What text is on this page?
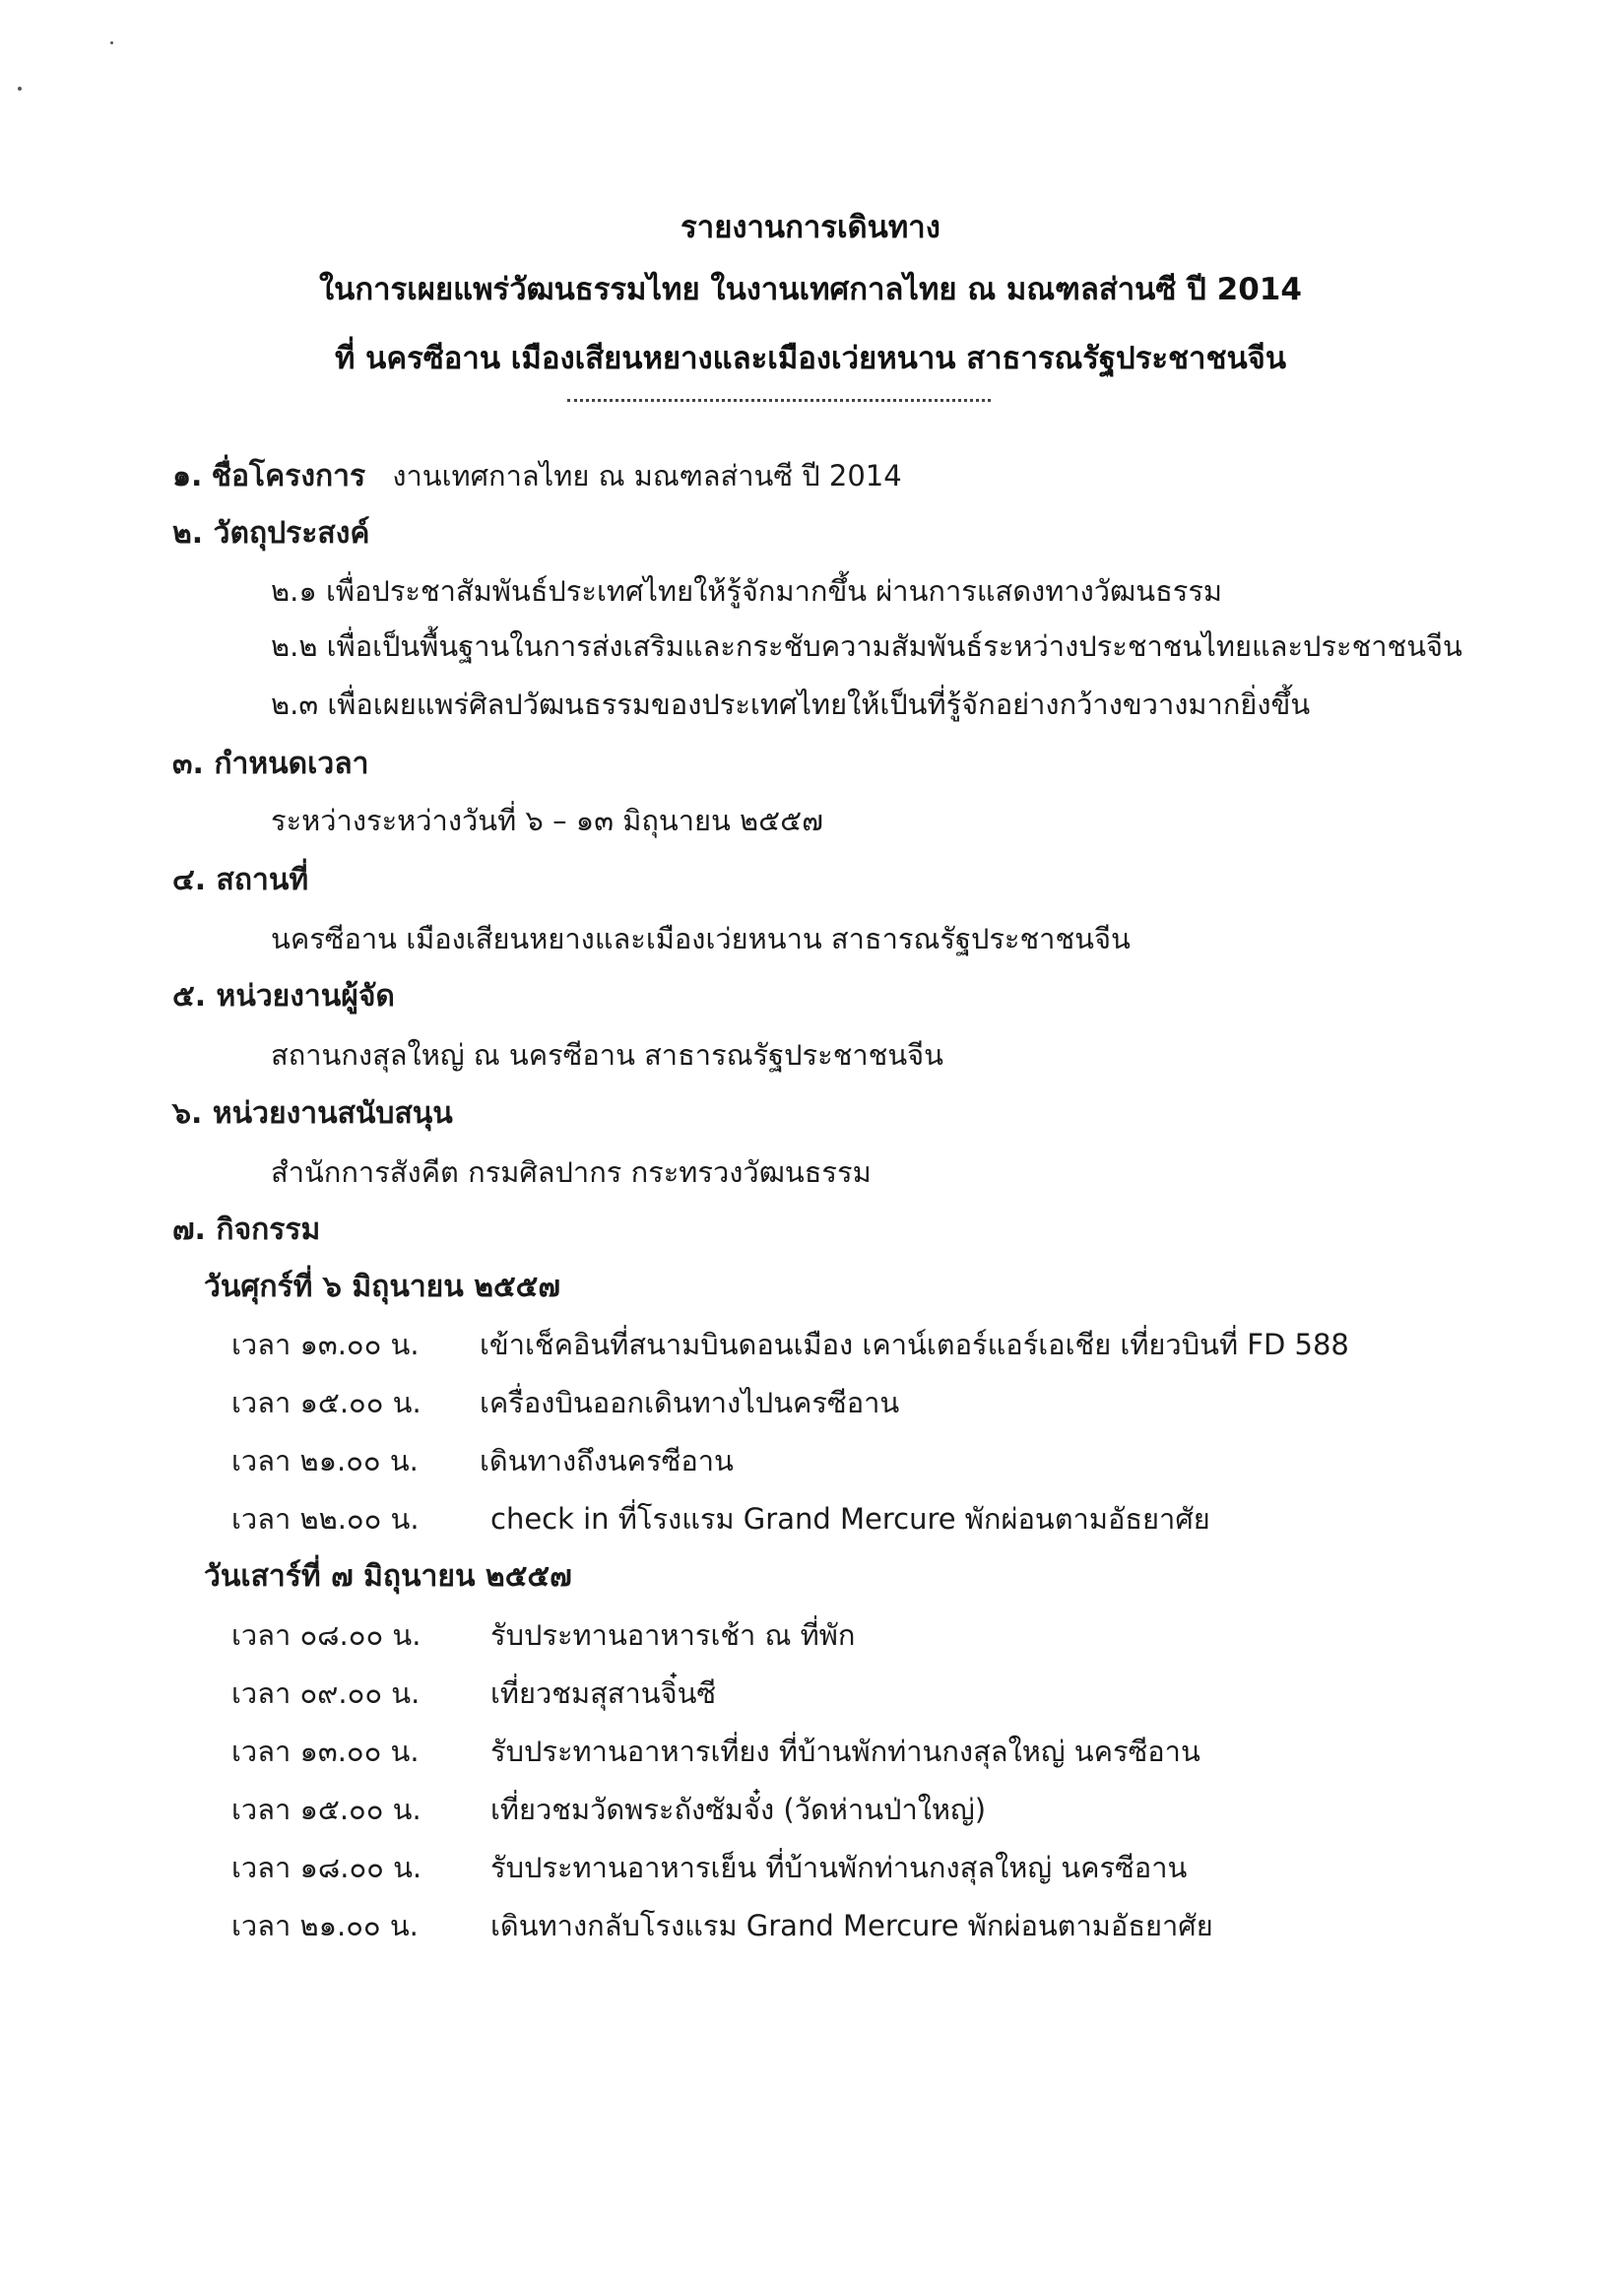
รายงานการเดินทาง
ในการเผยแพร่วัฒนธรรมไทย ในงานเทศกาลไทย ณ มณฑลส่านซี ปี 2014
ที่ นครซีอาน เมืองเสียนหยางและเมืองเว่ยหนาน สาธารณรัฐประชาชนจีน
๑. ชื่อโครงการ งานเทศกาลไทย ณ มณฑลส่านซี ปี 2014
๒. วัตถุประสงค์
๒.๑ เพื่อประชาสัมพันธ์ประเทศไทยให้รู้จักมากขึ้น ผ่านการแสดงทางวัฒนธรรม
๒.๒ เพื่อเป็นพื้นฐานในการส่งเสริมและกระชับความสัมพันธ์ระหว่างประชาชนไทยและประชาชนจีน
๒.๓ เพื่อเผยแพร่ศิลปวัฒนธรรมของประเทศไทยให้เป็นที่รู้จักอย่างกว้างขวางมากยิ่งขึ้น
๓. กำหนดเวลา
ระหว่างระหว่างวันที่ ๖ – ๑๓ มิถุนายน ๒๕๕๗
๔. สถานที่
นครซีอาน เมืองเสียนหยางและเมืองเว่ยหนาน สาธารณรัฐประชาชนจีน
๕. หน่วยงานผู้จัด
สถานกงสุลใหญ่ ณ นครซีอาน สาธารณรัฐประชาชนจีน
๖. หน่วยงานสนับสนุน
สำนักการสังคีต กรมศิลปากร กระทรวงวัฒนธรรม
๗. กิจกรรม
วันศุกร์ที่ ๖ มิถุนายน ๒๕๕๗
เวลา ๑๓.๐๐ น. เข้าเช็คอินที่สนามบินดอนเมือง เคาน์เตอร์แอร์เอเชีย เที่ยวบินที่ FD 588
เวลา ๑๕.๐๐ น. เครื่องบินออกเดินทางไปนครซีอาน
เวลา ๒๑.๐๐ น. เดินทางถึงนครซีอาน
เวลา ๒๒.๐๐ น. check in ที่โรงแรม Grand Mercure พักผ่อนตามอัธยาศัย
วันเสาร์ที่ ๗ มิถุนายน ๒๕๕๗
เวลา ๐๘.๐๐ น. รับประทานอาหารเช้า ณ ที่พัก
เวลา ๐๙.๐๐ น. เที่ยวชมสุสานจิ๋นซี
เวลา ๑๓.๐๐ น. รับประทานอาหารเที่ยง ที่บ้านพักท่านกงสุลใหญ่ นครซีอาน
เวลา ๑๕.๐๐ น. เที่ยวชมวัดพระถังซัมจั๋ง (วัดห่านป่าใหญ่)
เวลา ๑๘.๐๐ น. รับประทานอาหารเย็น ที่บ้านพักท่านกงสุลใหญ่ นครซีอาน
เวลา ๒๑.๐๐ น.	เดินทางกลับโรงแรม Grand Mercure พักผ่อนตามอัธยาศัย
